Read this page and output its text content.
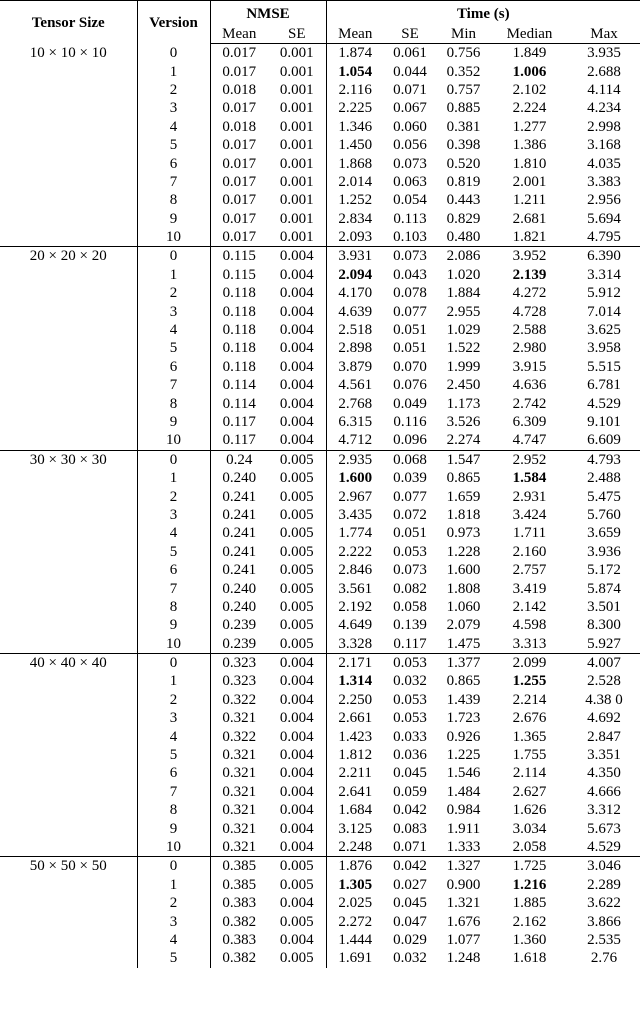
Tensor Size	Version	NMSE		Time (s)				
		Mean	SE	Mean	SE	Min	Median	Max
10 × 10 × 10	0	0.017	0.001	1.874	0.061	0.756	1.849	3.935
	1	0.017	0.001	1.054	0.044	0.352	1.006	2.688
	2	0.018	0.001	2.116	0.071	0.757	2.102	4.114
	3	0.017	0.001	2.225	0.067	0.885	2.224	4.234
	4	0.018	0.001	1.346	0.060	0.381	1.277	2.998
	5	0.017	0.001	1.450	0.056	0.398	1.386	3.168
	6	0.017	0.001	1.868	0.073	0.520	1.810	4.035
	7	0.017	0.001	2.014	0.063	0.819	2.001	3.383
	8	0.017	0.001	1.252	0.054	0.443	1.211	2.956
	9	0.017	0.001	2.834	0.113	0.829	2.681	5.694
	10	0.017	0.001	2.093	0.103	0.480	1.821	4.795
20 × 20 × 20	0	0.115	0.004	3.931	0.073	2.086	3.952	6.390
	1	0.115	0.004	2.094	0.043	1.020	2.139	3.314
	2	0.118	0.004	4.170	0.078	1.884	4.272	5.912
	3	0.118	0.004	4.639	0.077	2.955	4.728	7.014
	4	0.118	0.004	2.518	0.051	1.029	2.588	3.625
	5	0.118	0.004	2.898	0.051	1.522	2.980	3.958
	6	0.118	0.004	3.879	0.070	1.999	3.915	5.515
	7	0.114	0.004	4.561	0.076	2.450	4.636	6.781
	8	0.114	0.004	2.768	0.049	1.173	2.742	4.529
	9	0.117	0.004	6.315	0.116	3.526	6.309	9.101
	10	0.117	0.004	4.712	0.096	2.274	4.747	6.609
30 × 30 × 30	0	0.24	0.005	2.935	0.068	1.547	2.952	4.793
	1	0.240	0.005	1.600	0.039	0.865	1.584	2.488
	2	0.241	0.005	2.967	0.077	1.659	2.931	5.475
	3	0.241	0.005	3.435	0.072	1.818	3.424	5.760
	4	0.241	0.005	1.774	0.051	0.973	1.711	3.659
	5	0.241	0.005	2.222	0.053	1.228	2.160	3.936
	6	0.241	0.005	2.846	0.073	1.600	2.757	5.172
	7	0.240	0.005	3.561	0.082	1.808	3.419	5.874
	8	0.240	0.005	2.192	0.058	1.060	2.142	3.501
	9	0.239	0.005	4.649	0.139	2.079	4.598	8.300
	10	0.239	0.005	3.328	0.117	1.475	3.313	5.927
40 × 40 × 40	0	0.323	0.004	2.171	0.053	1.377	2.099	4.007
	1	0.323	0.004	1.314	0.032	0.865	1.255	2.528
	2	0.322	0.004	2.250	0.053	1.439	2.214	4.38 0
	3	0.321	0.004	2.661	0.053	1.723	2.676	4.692
	4	0.322	0.004	1.423	0.033	0.926	1.365	2.847
	5	0.321	0.004	1.812	0.036	1.225	1.755	3.351
	6	0.321	0.004	2.211	0.045	1.546	2.114	4.350
	7	0.321	0.004	2.641	0.059	1.484	2.627	4.666
	8	0.321	0.004	1.684	0.042	0.984	1.626	3.312
	9	0.321	0.004	3.125	0.083	1.911	3.034	5.673
	10	0.321	0.004	2.248	0.071	1.333	2.058	4.529
50 × 50 × 50	0	0.385	0.005	1.876	0.042	1.327	1.725	3.046
	1	0.385	0.005	1.305	0.027	0.900	1.216	2.289
	2	0.383	0.004	2.025	0.045	1.321	1.885	3.622
	3	0.382	0.005	2.272	0.047	1.676	2.162	3.866
	4	0.383	0.004	1.444	0.029	1.077	1.360	2.535
	5	0.382	0.005	1.691	0.032	1.248	1.618	2.76
